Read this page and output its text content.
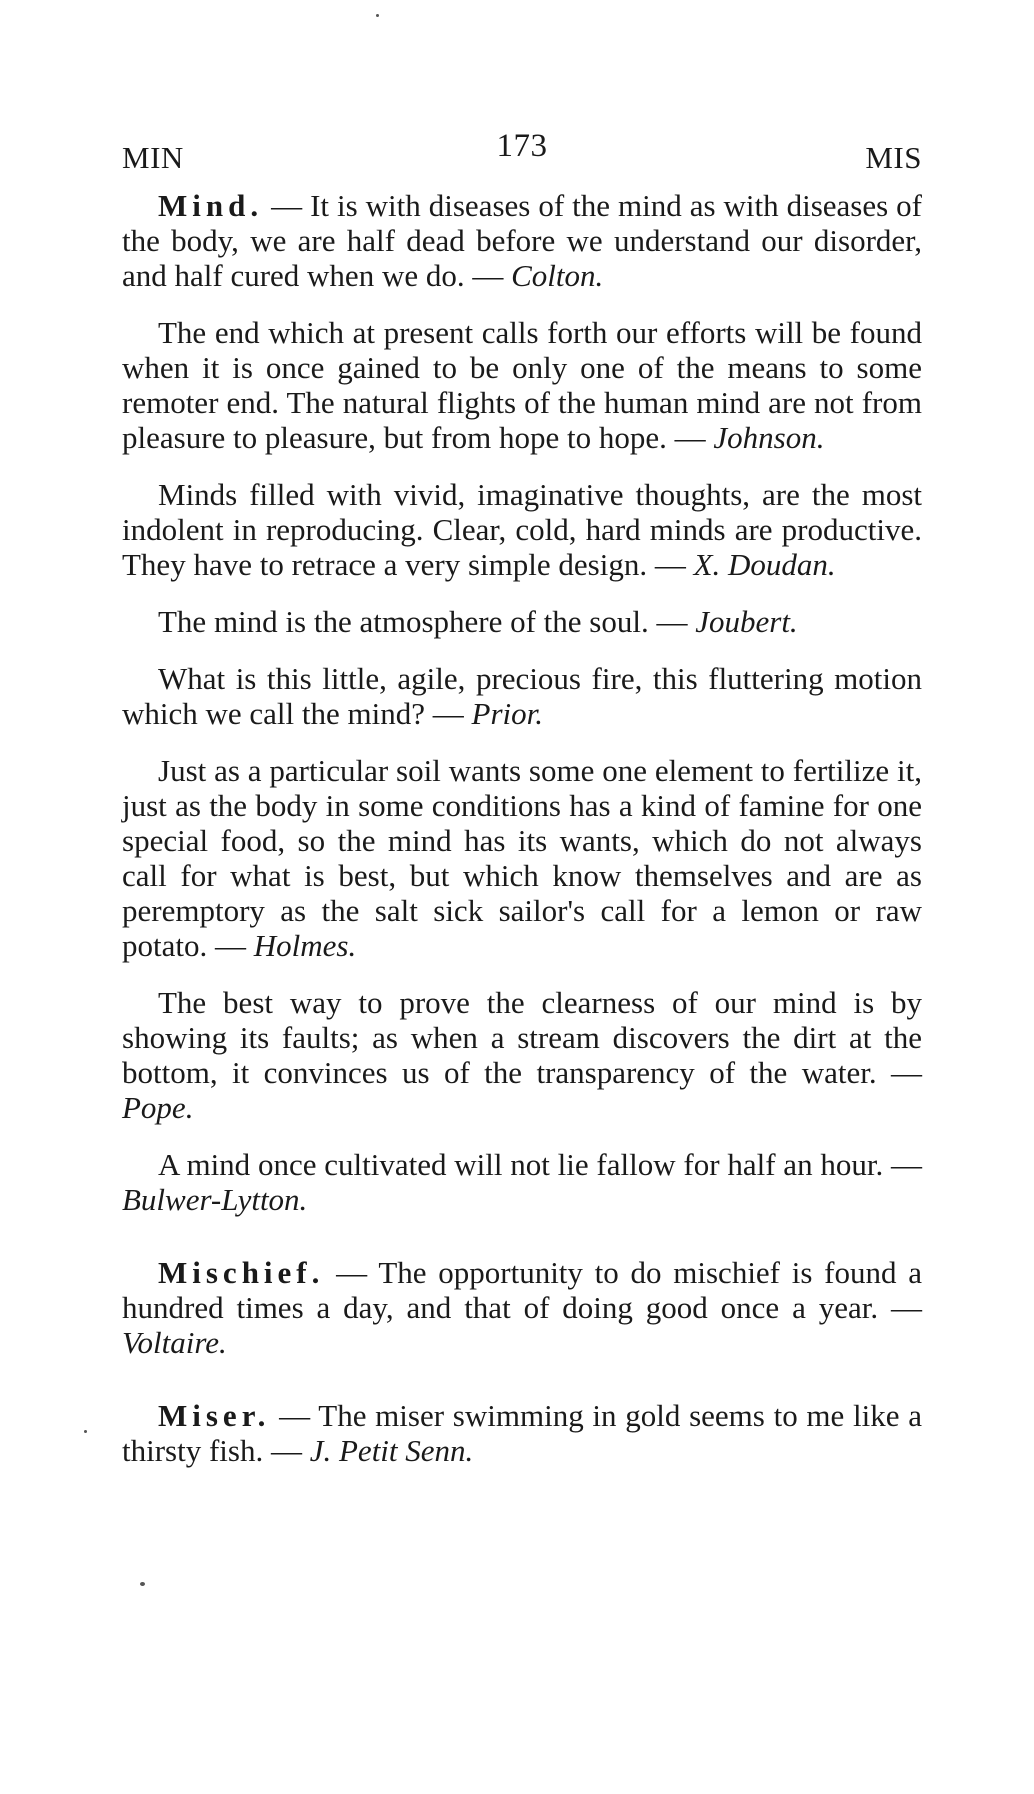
MIN	173	MIS

Mind. — It is with diseases of the mind as with diseases of the body, we are half dead before we understand our disorder, and half cured when we do. — Colton.

The end which at present calls forth our efforts will be found when it is once gained to be only one of the means to some remoter end. The natural flights of the human mind are not from pleasure to pleasure, but from hope to hope. — Johnson.

Minds filled with vivid, imaginative thoughts, are the most indolent in reproducing. Clear, cold, hard minds are productive. They have to retrace a very simple design. — X. Doudan.

The mind is the atmosphere of the soul. — Joubert.

What is this little, agile, precious fire, this fluttering motion which we call the mind? — Prior.

Just as a particular soil wants some one element to fertilize it, just as the body in some conditions has a kind of famine for one special food, so the mind has its wants, which do not always call for what is best, but which know themselves and are as peremptory as the salt sick sailor's call for a lemon or raw potato. — Holmes.

The best way to prove the clearness of our mind is by showing its faults; as when a stream discovers the dirt at the bottom, it convinces us of the transparency of the water. — Pope.

A mind once cultivated will not lie fallow for half an hour. — Bulwer-Lytton.

Mischief. — The opportunity to do mischief is found a hundred times a day, and that of doing good once a year. — Voltaire.

Miser. — The miser swimming in gold seems to me like a thirsty fish. — J. Petit Senn.
